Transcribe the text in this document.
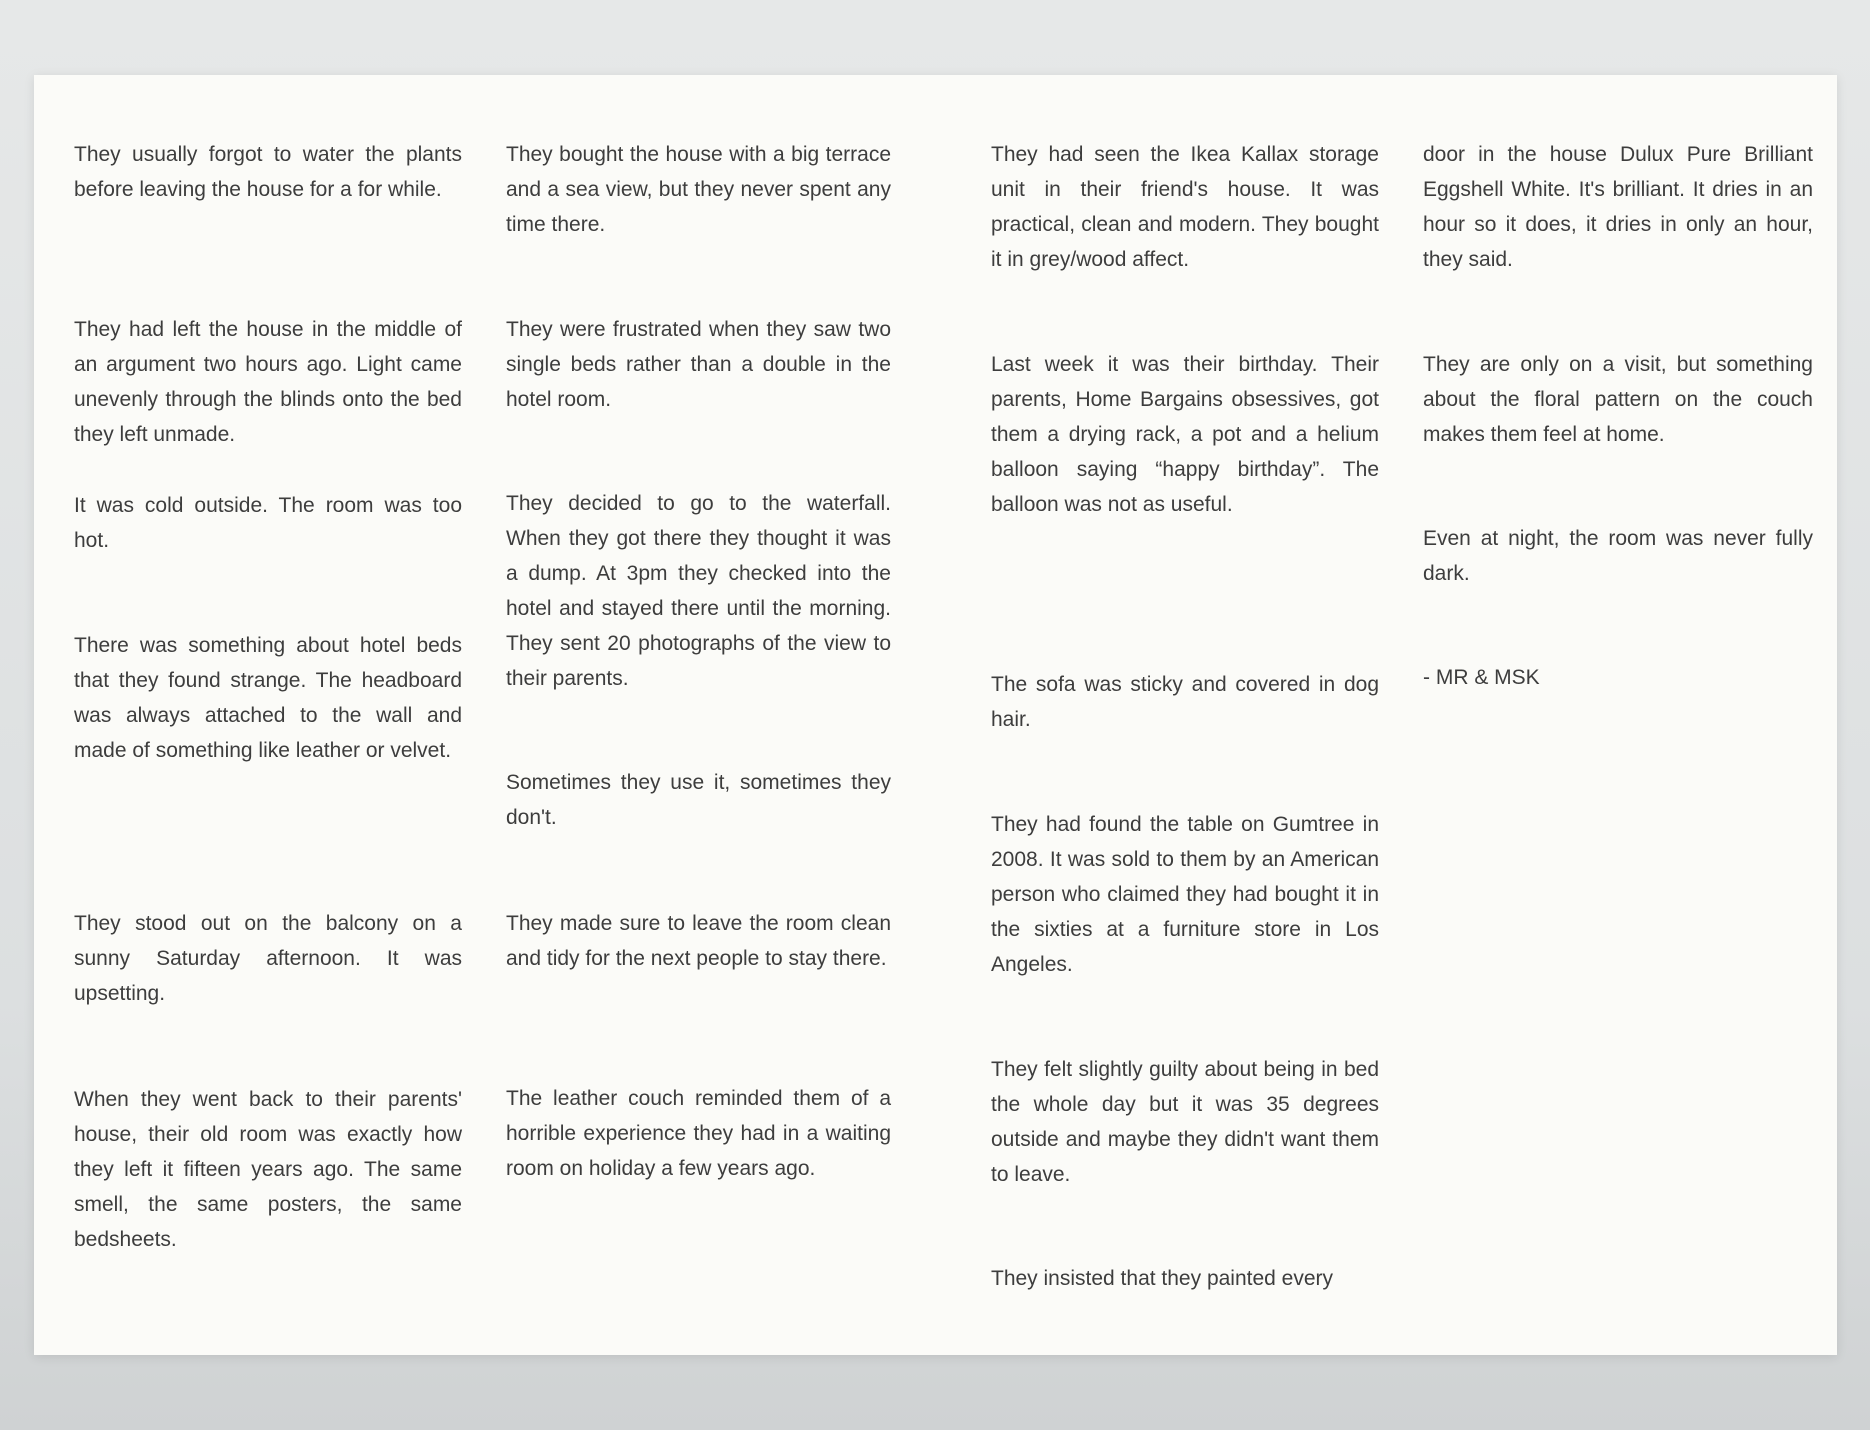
They usually forgot to water the plants before leaving the house for a for while.

They had left the house in the middle of an argument two hours ago. Light came unevenly through the blinds onto the bed they left unmade.

It was cold outside. The room was too hot.

There was something about hotel beds that they found strange. The headboard was always attached to the wall and made of something like leather or velvet.

They stood out on the balcony on a sunny Saturday afternoon. It was upsetting.

When they went back to their parents' house, their old room was exactly how they left it fifteen years ago. The same smell, the same posters, the same bedsheets.

They bought the house with a big terrace and a sea view, but they never spent any time there.

They were frustrated when they saw two single beds rather than a double in the hotel room.

They decided to go to the waterfall. When they got there they thought it was a dump. At 3pm they checked into the hotel and stayed there until the morning. They sent 20 photographs of the view to their parents.

Sometimes they use it, sometimes they don't.

They made sure to leave the room clean and tidy for the next people to stay there.

The leather couch reminded them of a horrible experience they had in a waiting room on holiday a few years ago.

They had seen the Ikea Kallax storage unit in their friend's house. It was practical, clean and modern. They bought it in grey/wood affect.

Last week it was their birthday. Their parents, Home Bargains obsessives, got them a drying rack, a pot and a helium balloon saying “happy birthday”. The balloon was not as useful.

The sofa was sticky and covered in dog hair.

They had found the table on Gumtree in 2008. It was sold to them by an American person who claimed they had bought it in the sixties at a furniture store in Los Angeles.

They felt slightly guilty about being in bed the whole day but it was 35 degrees outside and maybe they didn't want them to leave.

They insisted that they painted every

door in the house Dulux Pure Brilliant Eggshell White. It's brilliant. It dries in an hour so it does, it dries in only an hour, they said.

They are only on a visit, but something about the floral pattern on the couch makes them feel at home.

Even at night, the room was never fully dark.

- MR & MSK
